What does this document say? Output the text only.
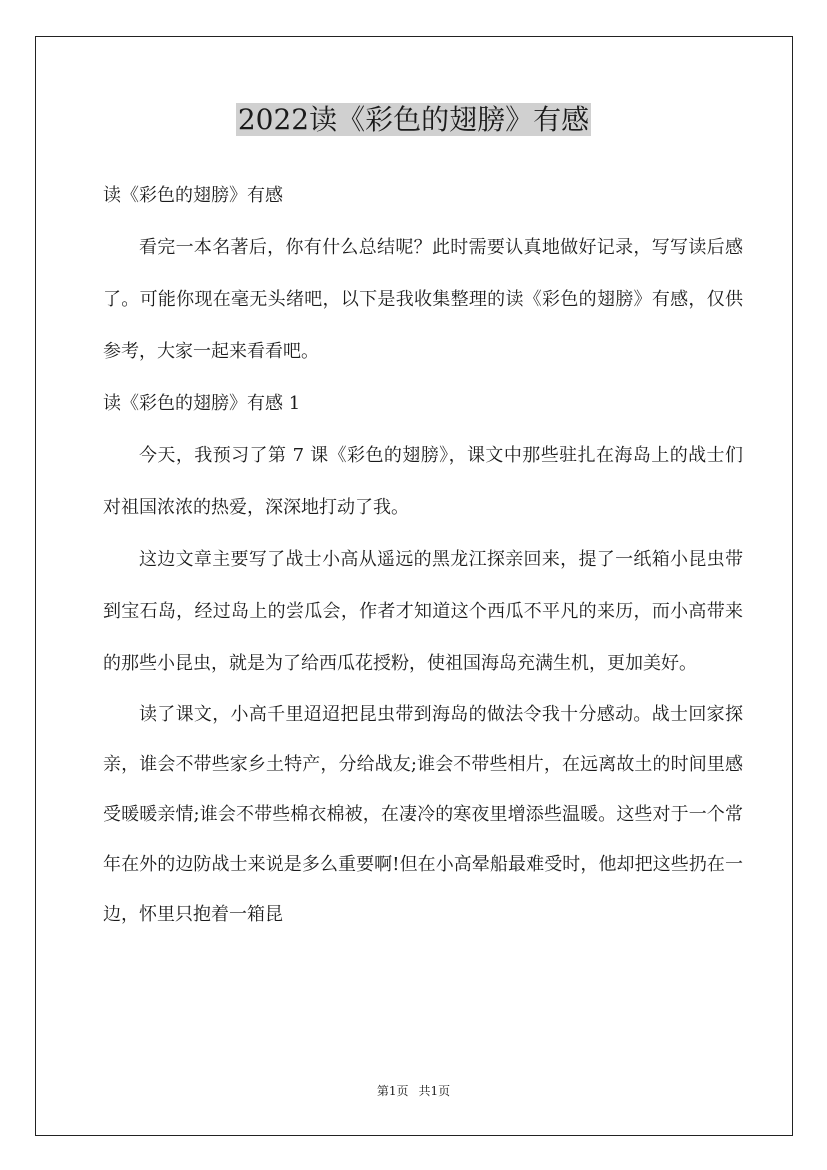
2022读《彩色的翅膀》有感

读《彩色的翅膀》有感

看完一本名著后，你有什么总结呢？此时需要认真地做好记录，写写读后感了。可能你现在毫无头绪吧，以下是我收集整理的读《彩色的翅膀》有感，仅供参考，大家一起来看看吧。

读《彩色的翅膀》有感 1

今天，我预习了第 7 课《彩色的翅膀》，课文中那些驻扎在海岛上的战士们对祖国浓浓的热爱，深深地打动了我。

这边文章主要写了战士小高从遥远的黑龙江探亲回来，提了一纸箱小昆虫带到宝石岛，经过岛上的尝瓜会，作者才知道这个西瓜不平凡的来历，而小高带来的那些小昆虫，就是为了给西瓜花授粉，使祖国海岛充满生机，更加美好。

读了课文，小高千里迢迢把昆虫带到海岛的做法令我十分感动。战士回家探亲，谁会不带些家乡土特产，分给战友;谁会不带些相片，在远离故土的时间里感受暖暖亲情;谁会不带些棉衣棉被，在凄冷的寒夜里增添些温暖。这些对于一个常年在外的边防战士来说是多么重要啊!但在小高晕船最难受时，他却把这些扔在一边，怀里只抱着一箱昆

第1页 共1页
